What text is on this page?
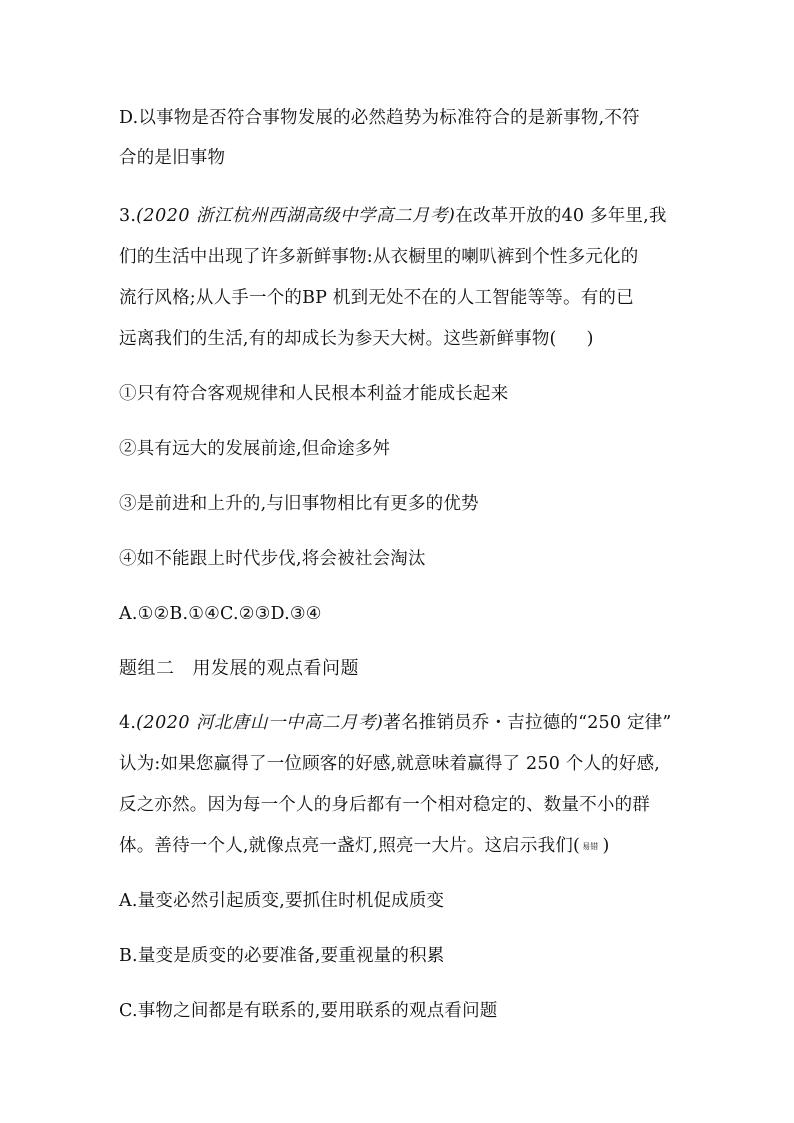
D.以事物是否符合事物发展的必然趋势为标准符合的是新事物,不符
合的是旧事物
3.(2020 浙江杭州西湖高级中学高二月考)在改革开放的40 多年里,我
们的生活中出现了许多新鲜事物:从衣橱里的喇叭裤到个性多元化的
流行风格;从人手一个的BP 机到无处不在的人工智能等等。有的已
远离我们的生活,有的却成长为参天大树。这些新鲜事物( )
①只有符合客观规律和人民根本利益才能成长起来
②具有远大的发展前途,但命途多舛
③是前进和上升的,与旧事物相比有更多的优势
④如不能跟上时代步伐,将会被社会淘汰
A.①②B.①④C.②③D.③④
题组二 用发展的观点看问题
4.(2020 河北唐山一中高二月考)著名推销员乔・吉拉德的“250 定律”
认为:如果您赢得了一位顾客的好感,就意味着赢得了 250 个人的好感,
反之亦然。因为每一个人的身后都有一个相对稳定的、数量不小的群
体。善待一个人,就像点亮一盏灯,照亮一大片。这启示我们( 易错 )
A.量变必然引起质变,要抓住时机促成质变
B.量变是质变的必要准备,要重视量的积累
C.事物之间都是有联系的,要用联系的观点看问题
